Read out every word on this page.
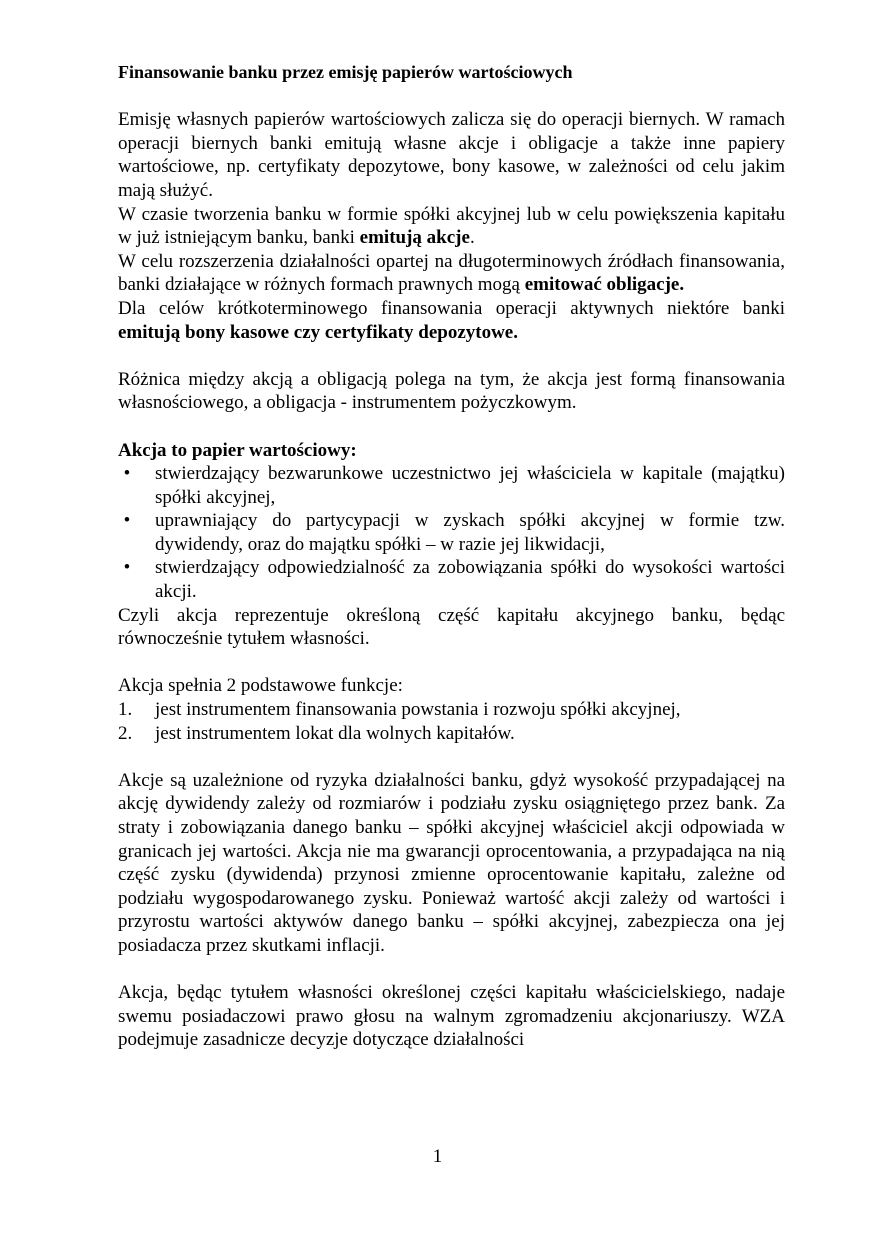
Finansowanie banku przez emisję papierów wartościowych

Emisję własnych papierów wartościowych zalicza się do operacji biernych. W ramach operacji biernych banki emitują własne akcje i obligacje a także inne papiery wartościowe, np. certyfikaty depozytowe, bony kasowe, w zależności od celu jakim mają służyć.

W czasie tworzenia banku w formie spółki akcyjnej lub w celu powiększenia kapitału w już istniejącym banku, banki emitują akcje.

W celu rozszerzenia działalności opartej na długoterminowych źródłach finansowania, banki działające w różnych formach prawnych mogą emitować obligacje.

Dla celów krótkoterminowego finansowania operacji aktywnych niektóre banki emitują bony kasowe czy certyfikaty depozytowe.

Różnica między akcją a obligacją polega na tym, że akcja jest formą finansowania własnościowego, a obligacja - instrumentem pożyczkowym.

Akcja to papier wartościowy:
• stwierdzający bezwarunkowe uczestnictwo jej właściciela w kapitale (majątku) spółki akcyjnej,
• uprawniający do partycypacji w zyskach spółki akcyjnej w formie tzw. dywidendy, oraz do majątku spółki – w razie jej likwidacji,
• stwierdzający odpowiedzialność za zobowiązania spółki do wysokości wartości akcji.

Czyli akcja reprezentuje określoną część kapitału akcyjnego banku, będąc równocześnie tytułem własności.

Akcja spełnia 2 podstawowe funkcje:

1. jest instrumentem finansowania powstania i rozwoju spółki akcyjnej,
2. jest instrumentem lokat dla wolnych kapitałów.

Akcje są uzależnione od ryzyka działalności banku, gdyż wysokość przypadającej na akcję dywidendy zależy od rozmiarów i podziału zysku osiągniętego przez bank. Za straty i zobowiązania danego banku – spółki akcyjnej właściciel akcji odpowiada w granicach jej wartości. Akcja nie ma gwarancji oprocentowania, a przypadająca na nią część zysku (dywidenda) przynosi zmienne oprocentowanie kapitału, zależne od podziału wygospodarowanego zysku. Ponieważ wartość akcji zależy od wartości i przyrostu wartości aktywów danego banku – spółki akcyjnej, zabezpiecza ona jej posiadacza przez skutkami inflacji.

Akcja, będąc tytułem własności określonej części kapitału właścicielskiego, nadaje swemu posiadaczowi prawo głosu na walnym zgromadzeniu akcjonariuszy. WZA podejmuje zasadnicze decyzje dotyczące działalności

1
